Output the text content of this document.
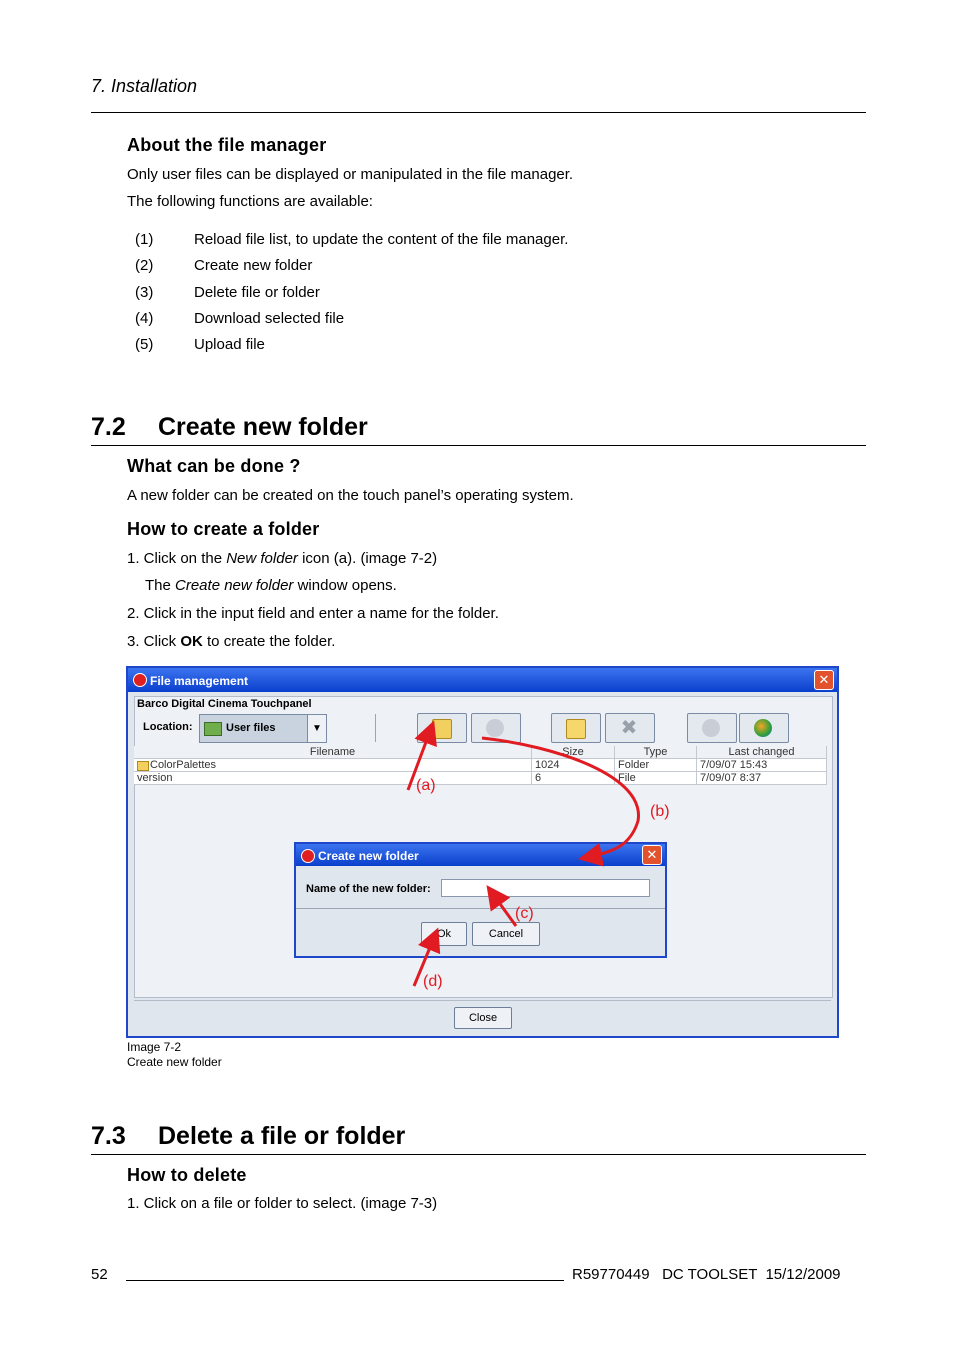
7. Installation
About the file manager
Only user files can be displayed or manipulated in the file manager.
The following functions are available:
(1)	Reload file list, to update the content of the file manager.
(2)	Create new folder
(3)	Delete file or folder
(4)	Download selected file
(5)	Upload file
7.2 Create new folder
What can be done ?
A new folder can be created on the touch panel’s operating system.
How to create a folder
1. Click on the New folder icon (a). (image 7-2)
The Create new folder window opens.
2. Click in the input field and enter a name for the folder.
3. Click OK to create the folder.
File management	✕
Barco Digital Cinema Touchpanel
Location:	User files	▼	✖
Filename	Size	Type	Last changed
ColorPalettes	1024	Folder	7/09/07 15:43
version	6	File	7/09/07 8:37
Create new folder	✕
Name of the new folder:
Ok	Cancel
Close
(a)
(b)
(c)
(d)
Image 7-2
Create new folder
7.3 Delete a file or folder
How to delete
1. Click on a file or folder to select. (image 7-3)
52	R59770449   DC TOOLSET  15/12/2009
